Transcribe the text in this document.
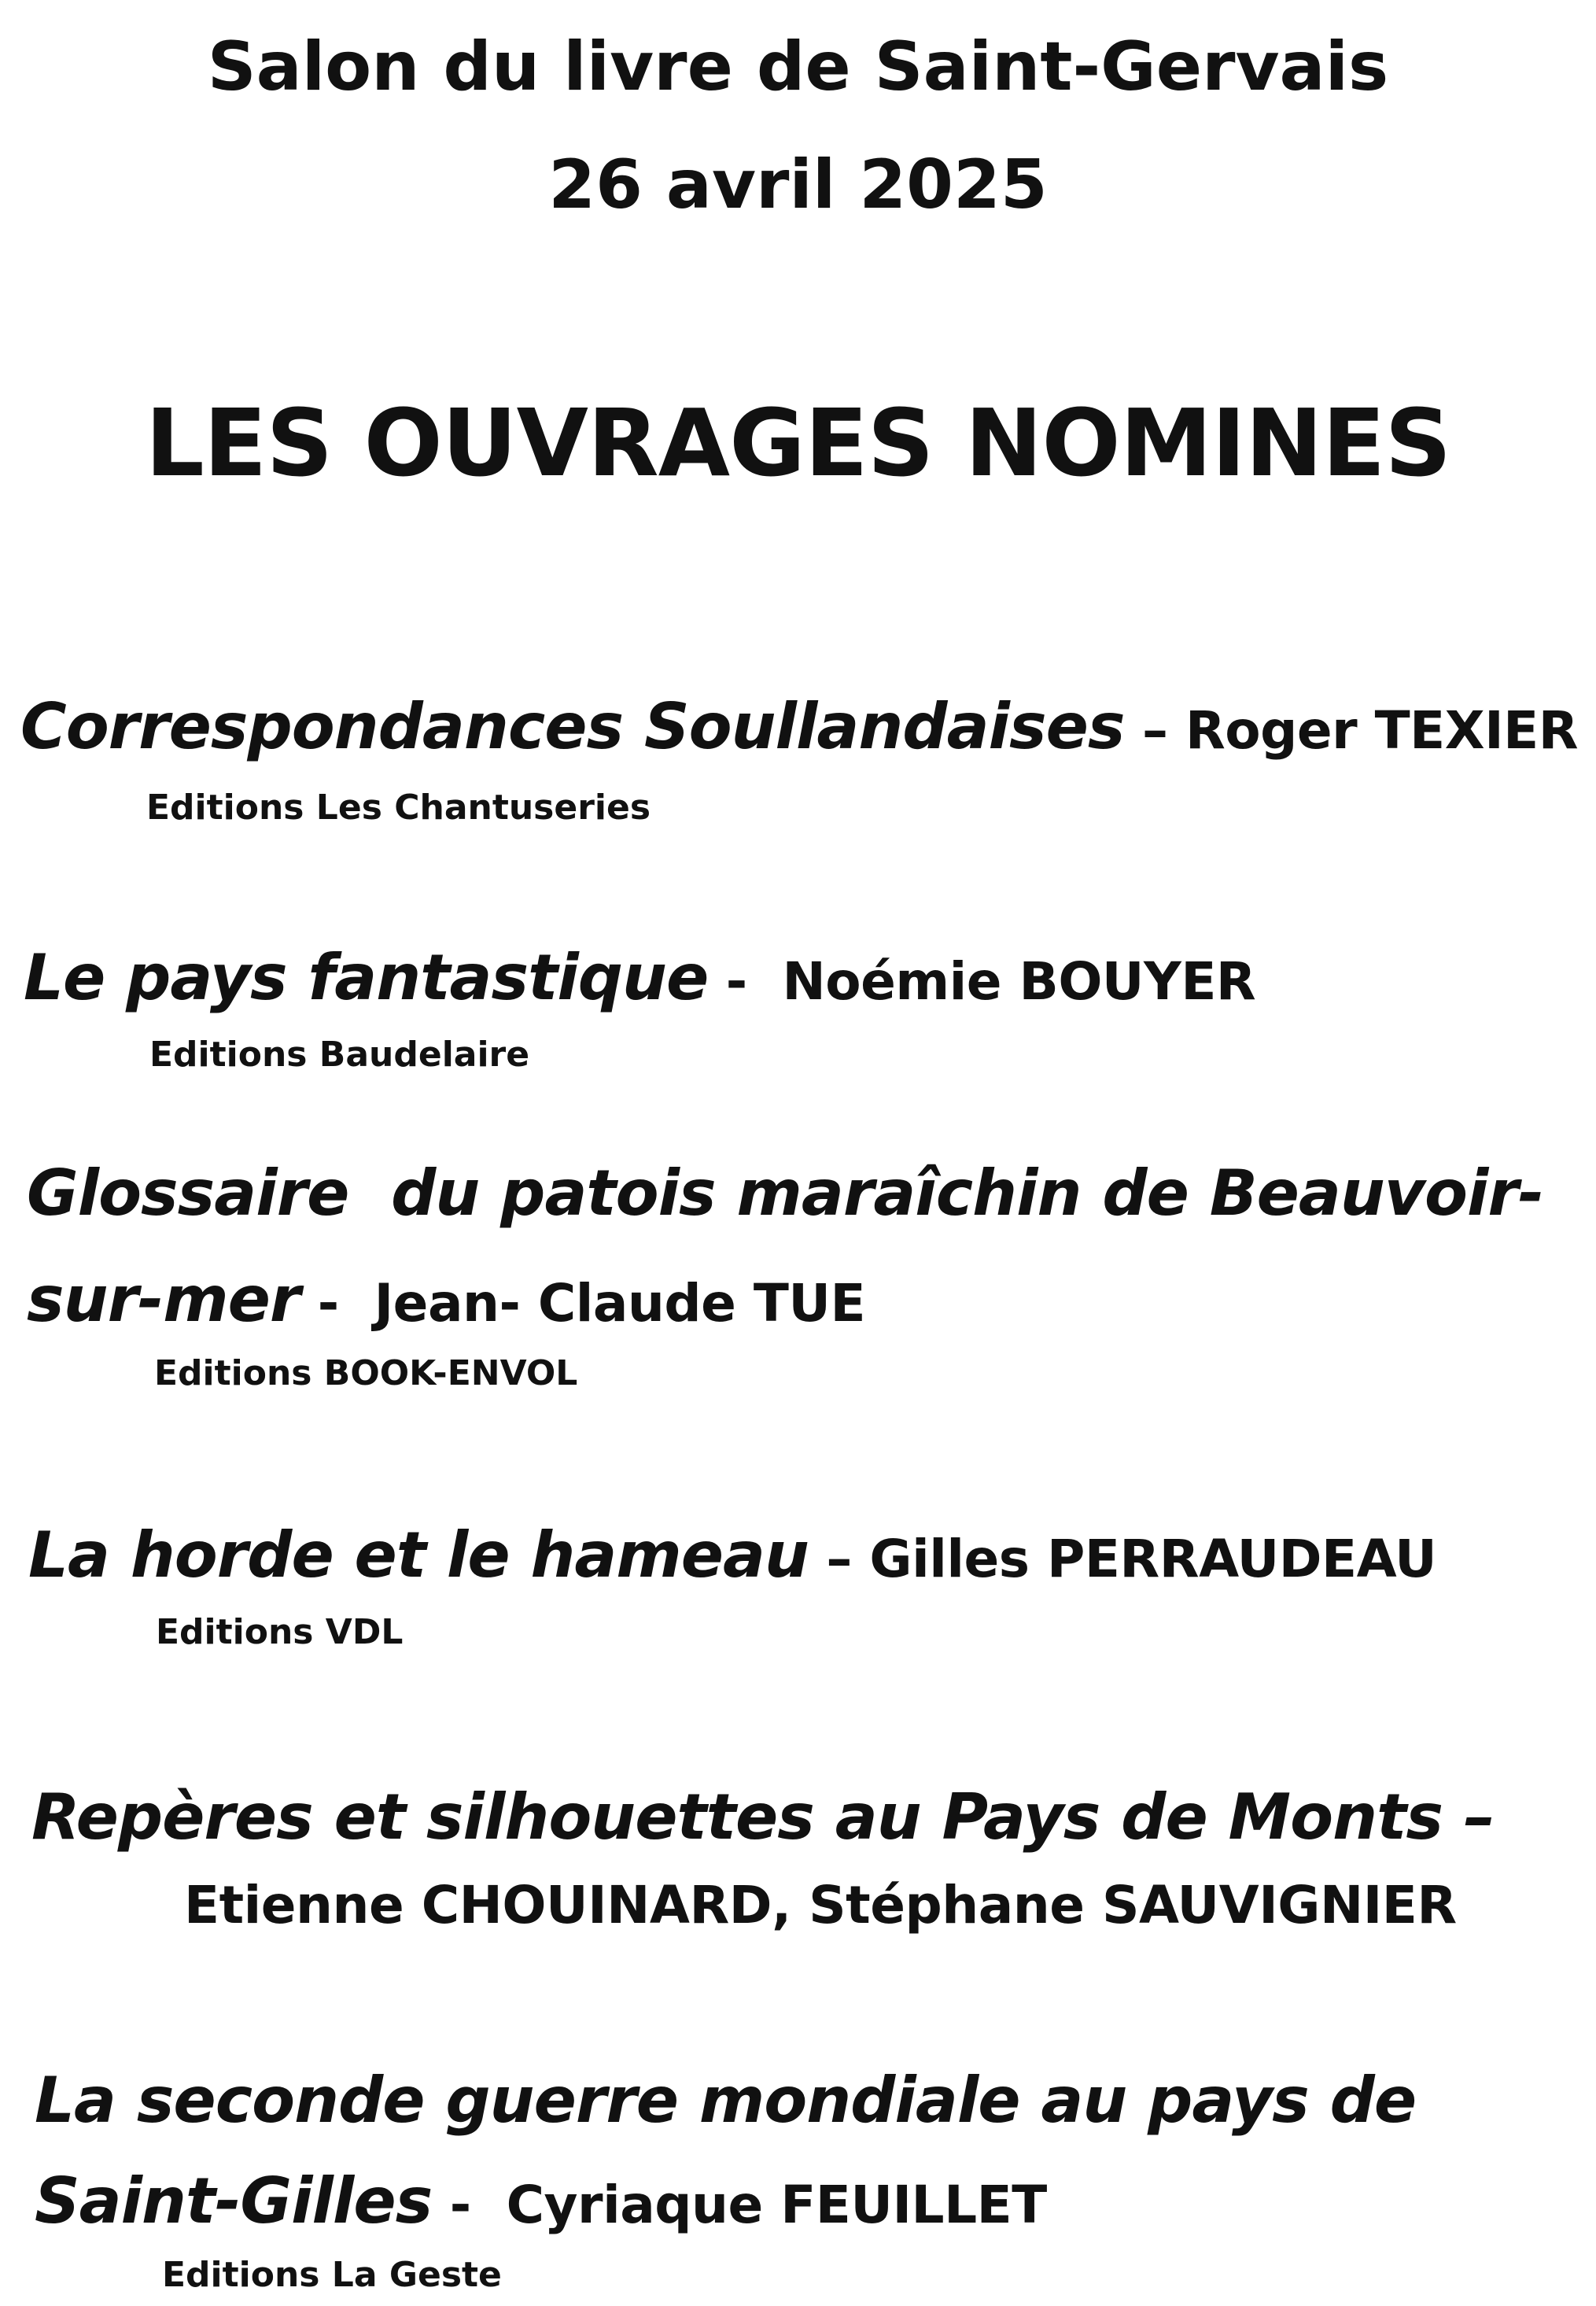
Salon du livre de Saint-Gervais
26 avril 2025
LES OUVRAGES NOMINES
Correspondances Soullandaises – Roger TEXIER
Editions Les Chantuseries
Le pays fantastique -  Noémie BOUYER
Editions Baudelaire
Glossaire  du patois maraîchin de Beauvoir-
sur-mer -  Jean- Claude TUE
Editions BOOK-ENVOL
La horde et le hameau – Gilles PERRAUDEAU
Editions VDL
Repères et silhouettes au Pays de Monts –
Etienne CHOUINARD, Stéphane SAUVIGNIER
La seconde guerre mondiale au pays de
Saint-Gilles -  Cyriaque FEUILLET
Editions La Geste
